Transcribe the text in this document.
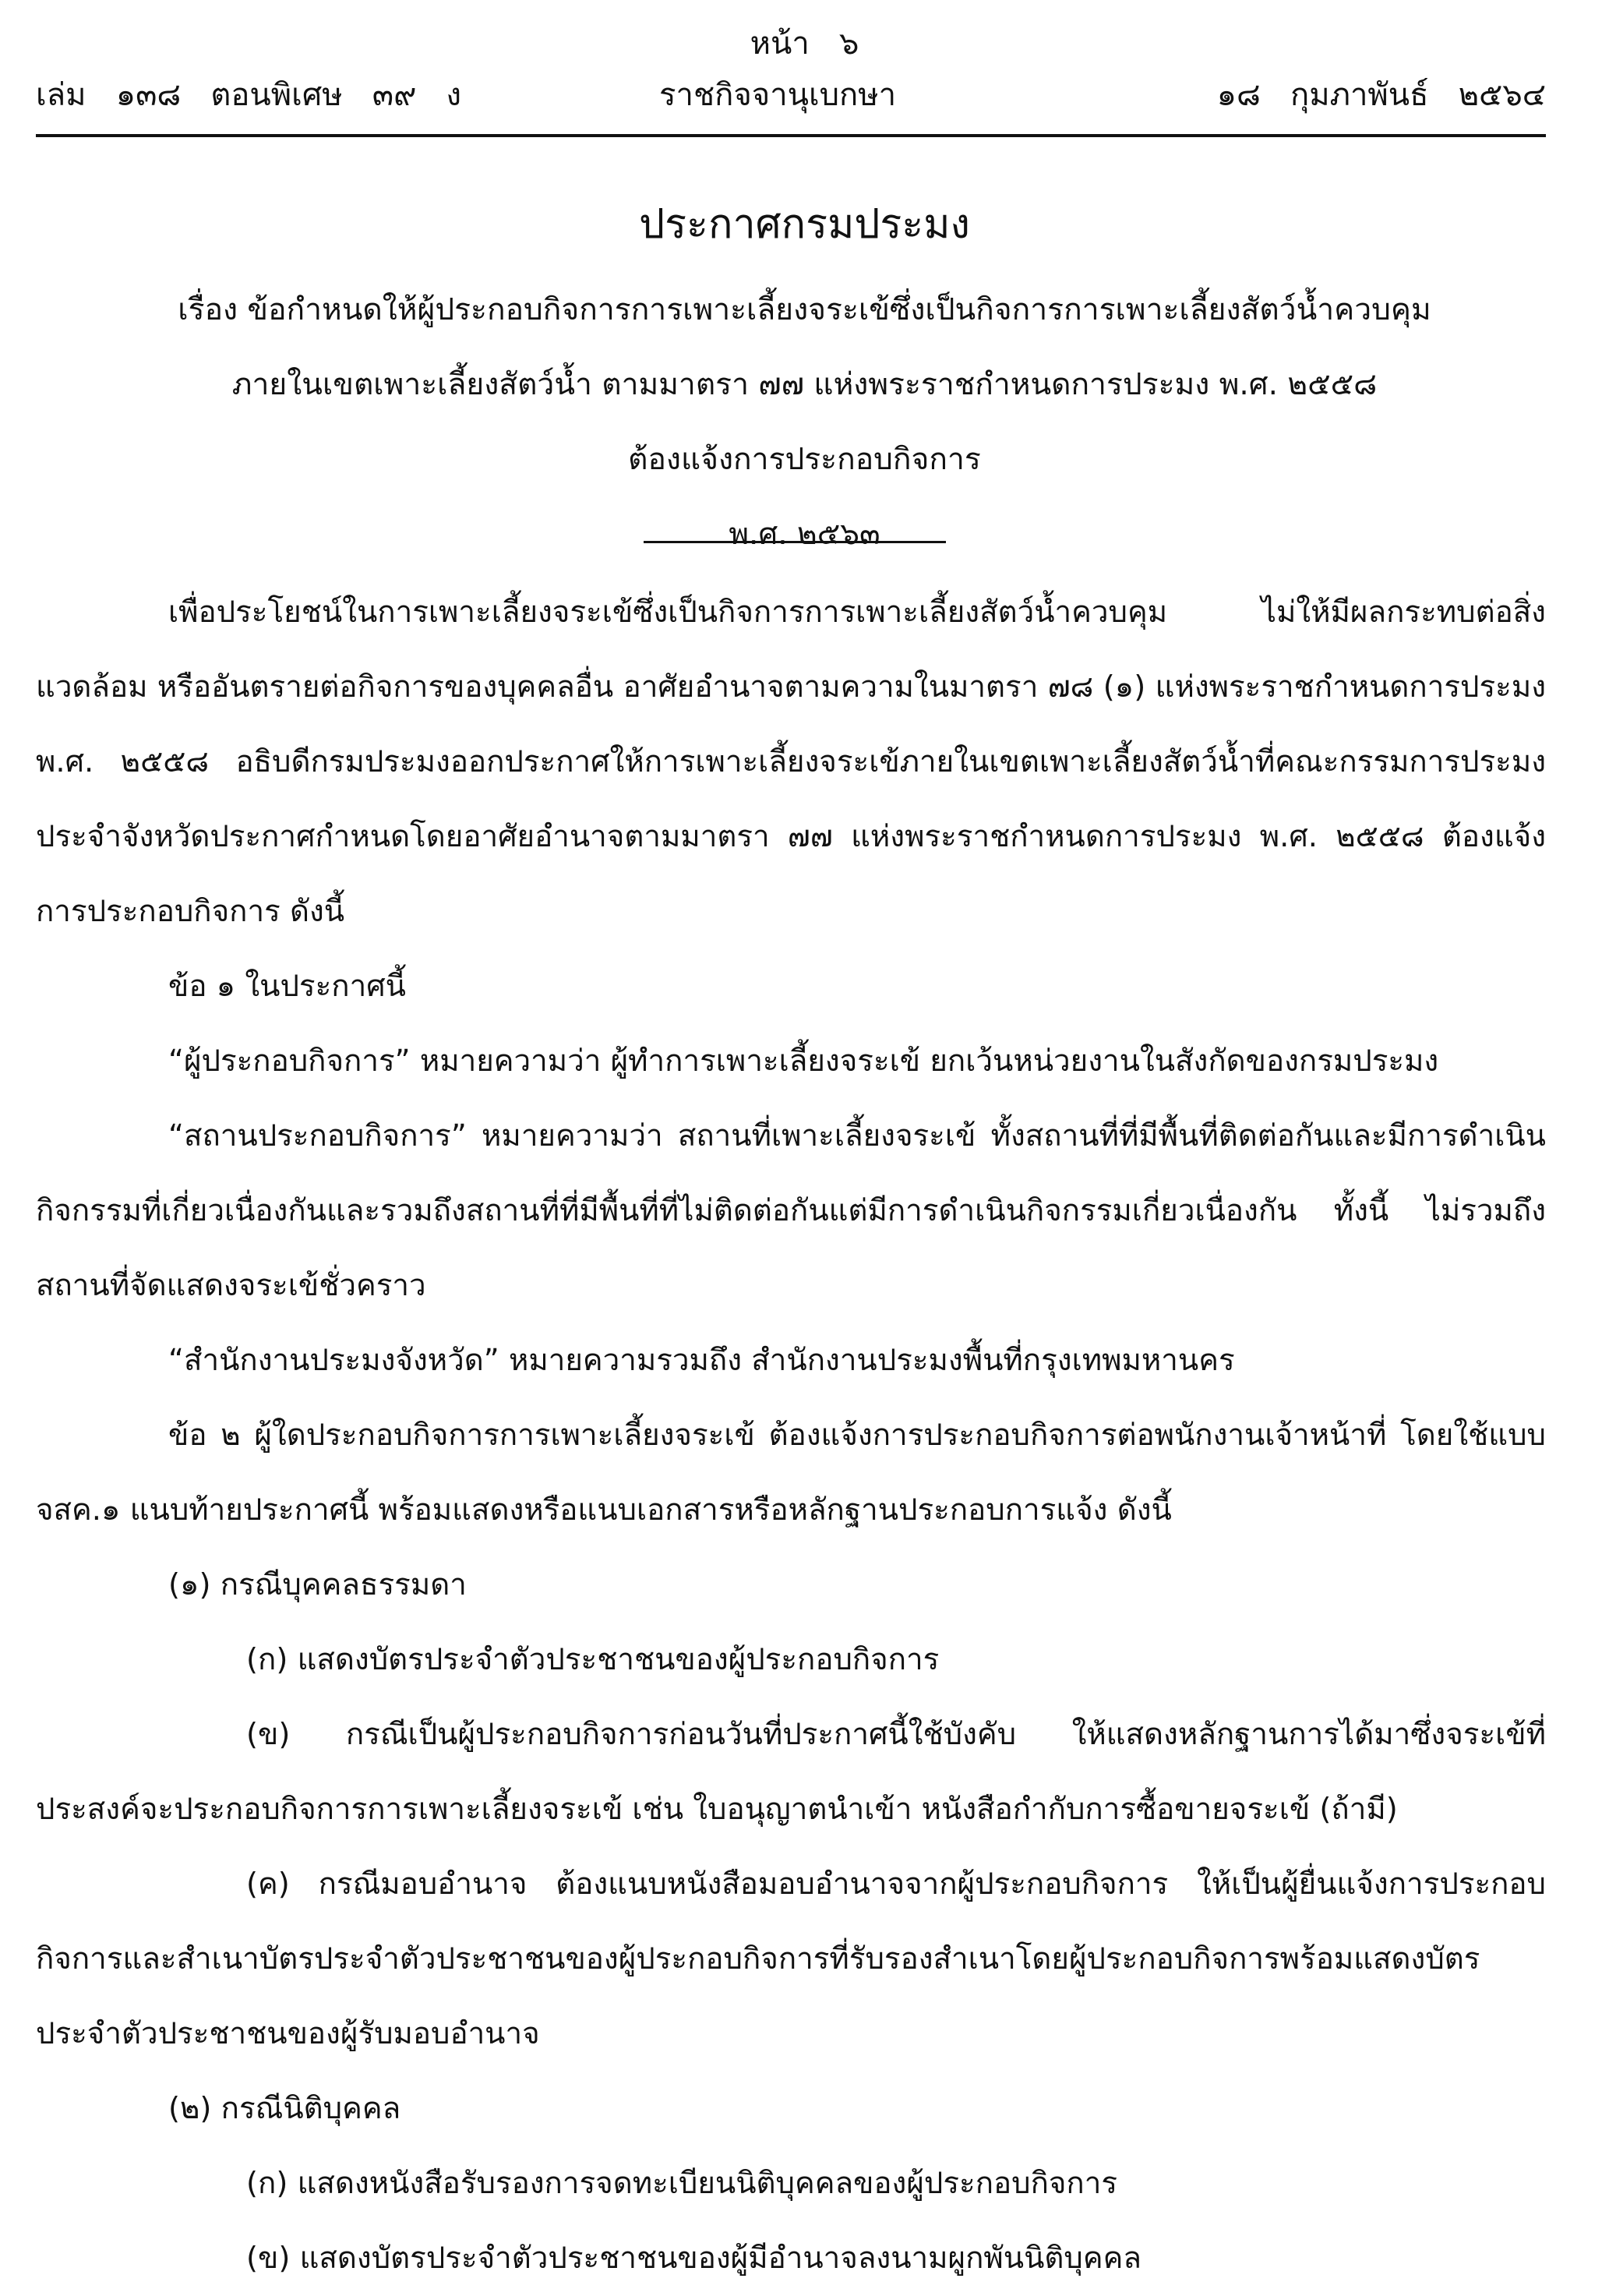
หน้า   ๖
เล่ม   ๑๓๘   ตอนพิเศษ   ๓๙   ง	ราชกิจจานุเบกษา	๑๘   กุมภาพันธ์   ๒๕๖๔
ประกาศกรมประมง
เรื่อง ข้อกำหนดให้ผู้ประกอบกิจการการเพาะเลี้ยงจระเข้ซึ่งเป็นกิจการการเพาะเลี้ยงสัตว์น้ำควบคุม
ภายในเขตเพาะเลี้ยงสัตว์น้ำ ตามมาตรา ๗๗ แห่งพระราชกำหนดการประมง พ.ศ. ๒๕๕๘
ต้องแจ้งการประกอบกิจการ
พ.ศ. ๒๕๖๓

เพื่อประโยชน์ในการเพาะเลี้ยงจระเข้ซึ่งเป็นกิจการการเพาะเลี้ยงสัตว์น้ำควบคุม ไม่ให้มีผลกระทบต่อสิ่งแวดล้อม หรืออันตรายต่อกิจการของบุคคลอื่น อาศัยอำนาจตามความในมาตรา ๗๘ (๑) แห่งพระราชกำหนดการประมง พ.ศ. ๒๕๕๘ อธิบดีกรมประมงออกประกาศให้การเพาะเลี้ยงจระเข้ภายในเขตเพาะเลี้ยงสัตว์น้ำที่คณะกรรมการประมงประจำจังหวัดประกาศกำหนดโดยอาศัยอำนาจตามมาตรา ๗๗ แห่งพระราชกำหนดการประมง พ.ศ. ๒๕๕๘ ต้องแจ้งการประกอบกิจการ ดังนี้

ข้อ ๑ ในประกาศนี้

“ผู้ประกอบกิจการ” หมายความว่า ผู้ทำการเพาะเลี้ยงจระเข้ ยกเว้นหน่วยงานในสังกัดของกรมประมง

“สถานประกอบกิจการ” หมายความว่า สถานที่เพาะเลี้ยงจระเข้ ทั้งสถานที่ที่มีพื้นที่ติดต่อกันและมีการดำเนินกิจกรรมที่เกี่ยวเนื่องกันและรวมถึงสถานที่ที่มีพื้นที่ที่ไม่ติดต่อกันแต่มีการดำเนินกิจกรรมเกี่ยวเนื่องกัน ทั้งนี้ ไม่รวมถึงสถานที่จัดแสดงจระเข้ชั่วคราว

“สำนักงานประมงจังหวัด” หมายความรวมถึง สำนักงานประมงพื้นที่กรุงเทพมหานคร

ข้อ ๒ ผู้ใดประกอบกิจการการเพาะเลี้ยงจระเข้ ต้องแจ้งการประกอบกิจการต่อพนักงานเจ้าหน้าที่ โดยใช้แบบ จสค.๑ แนบท้ายประกาศนี้ พร้อมแสดงหรือแนบเอกสารหรือหลักฐานประกอบการแจ้ง ดังนี้

(๑) กรณีบุคคลธรรมดา

(ก) แสดงบัตรประจำตัวประชาชนของผู้ประกอบกิจการ

(ข) กรณีเป็นผู้ประกอบกิจการก่อนวันที่ประกาศนี้ใช้บังคับ ให้แสดงหลักฐานการได้มาซึ่งจระเข้ที่ประสงค์จะประกอบกิจการการเพาะเลี้ยงจระเข้ เช่น ใบอนุญาตนำเข้า หนังสือกำกับการซื้อขายจระเข้ (ถ้ามี)

(ค) กรณีมอบอำนาจ ต้องแนบหนังสือมอบอำนาจจากผู้ประกอบกิจการ ให้เป็นผู้ยื่นแจ้งการประกอบกิจการและสำเนาบัตรประจำตัวประชาชนของผู้ประกอบกิจการที่รับรองสำเนาโดยผู้ประกอบกิจการพร้อมแสดงบัตรประจำตัวประชาชนของผู้รับมอบอำนาจ

(๒) กรณีนิติบุคคล

(ก) แสดงหนังสือรับรองการจดทะเบียนนิติบุคคลของผู้ประกอบกิจการ

(ข) แสดงบัตรประจำตัวประชาชนของผู้มีอำนาจลงนามผูกพันนิติบุคคล
